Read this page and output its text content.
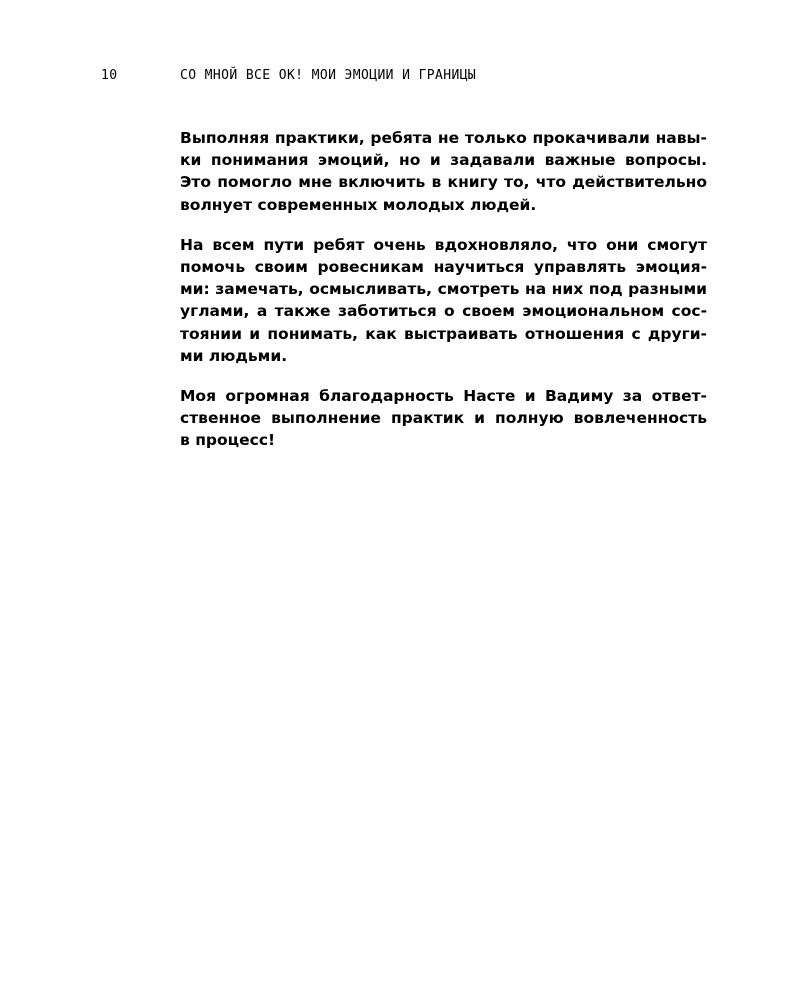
10	СО МНОЙ ВСЕ ОК! МОИ ЭМОЦИИ И ГРАНИЦЫ
Выполняя практики, ребята не только прокачивали навы-
ки понимания эмоций, но и задавали важные вопросы.
Это помогло мне включить в книгу то, что действительно
волнует современных молодых людей.
На всем пути ребят очень вдохновляло, что они смогут
помочь своим ровесникам научиться управлять эмоция-
ми: замечать, осмысливать, смотреть на них под разными
углами, а также заботиться о своем эмоциональном сос-
тоянии и понимать, как выстраивать отношения с други-
ми людьми.
Моя огромная благодарность Насте и Вадиму за ответ-
ственное выполнение практик и полную вовлеченность
в процесс!
